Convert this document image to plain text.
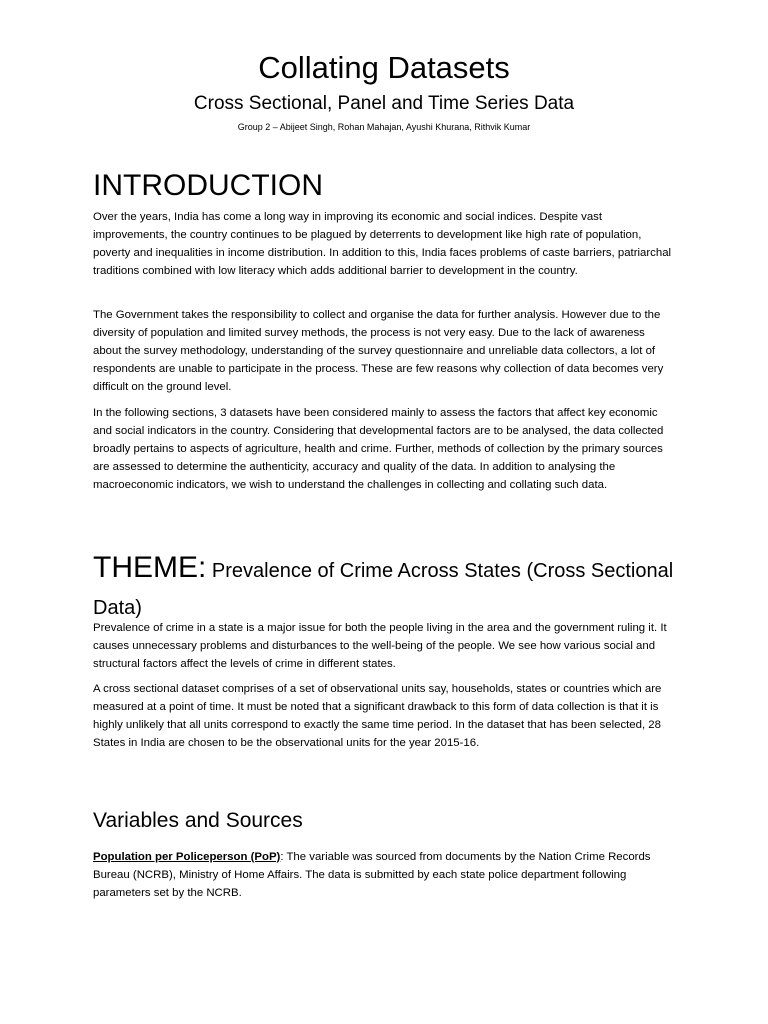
Collating Datasets

Cross Sectional, Panel and Time Series Data

Group 2 – Abijeet Singh, Rohan Mahajan, Ayushi Khurana, Rithvik Kumar

INTRODUCTION

Over the years, India has come a long way in improving its economic and social indices. Despite vast improvements, the country continues to be plagued by deterrents to development like high rate of population, poverty and inequalities in income distribution. In addition to this, India faces problems of caste barriers, patriarchal traditions combined with low literacy which adds additional barrier to development in the country.

The Government takes the responsibility to collect and organise the data for further analysis. However due to the diversity of population and limited survey methods, the process is not very easy. Due to the lack of awareness about the survey methodology, understanding of the survey questionnaire and unreliable data collectors, a lot of respondents are unable to participate in the process. These are few reasons why collection of data becomes very difficult on the ground level.

In the following sections, 3 datasets have been considered mainly to assess the factors that affect key economic and social indicators in the country. Considering that developmental factors are to be analysed, the data collected broadly pertains to aspects of agriculture, health and crime. Further, methods of collection by the primary sources are assessed to determine the authenticity, accuracy and quality of the data. In addition to analysing the macroeconomic indicators, we wish to understand the challenges in collecting and collating such data.

THEME: Prevalence of Crime Across States (Cross Sectional Data)

Prevalence of crime in a state is a major issue for both the people living in the area and the government ruling it. It causes unnecessary problems and disturbances to the well-being of the people. We see how various social and structural factors affect the levels of crime in different states.

A cross sectional dataset comprises of a set of observational units say, households, states or countries which are measured at a point of time. It must be noted that a significant drawback to this form of data collection is that it is highly unlikely that all units correspond to exactly the same time period. In the dataset that has been selected, 28 States in India are chosen to be the observational units for the year 2015-16.

Variables and Sources

Population per Policeperson (PoP): The variable was sourced from documents by the Nation Crime Records Bureau (NCRB), Ministry of Home Affairs. The data is submitted by each state police department following parameters set by the NCRB.
